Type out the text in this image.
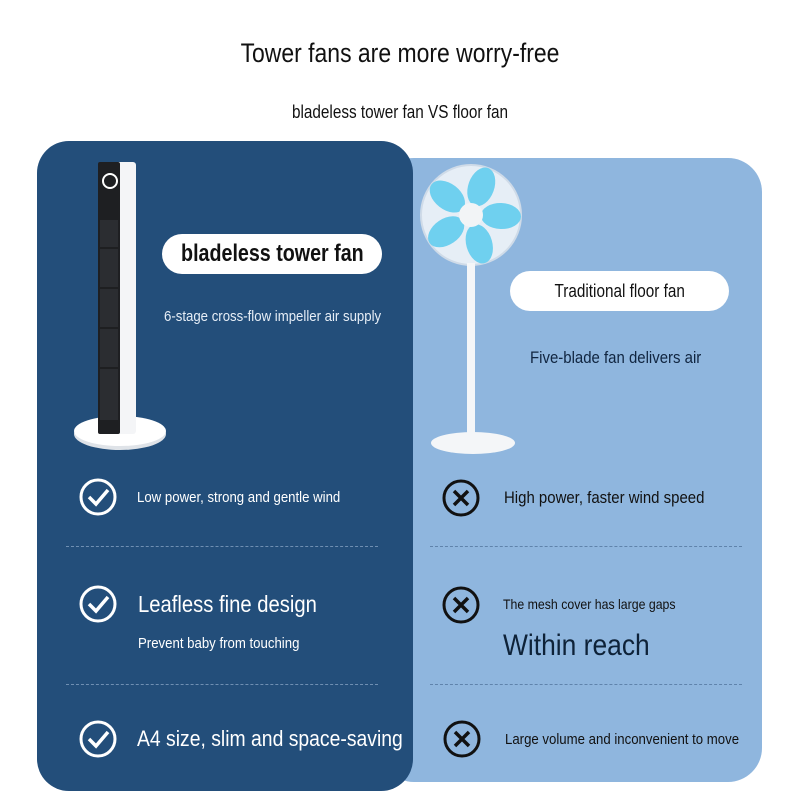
Tower fans are more worry-free
bladeless tower fan VS floor fan
bladeless tower fan
6-stage cross-flow impeller air supply
Traditional floor fan
Five-blade fan delivers air
Low power, strong and gentle wind
Leafless fine design
Prevent baby from touching
A4 size, slim and space-saving
High power, faster wind speed
The mesh cover has large gaps
Within reach
Large volume and inconvenient to move
